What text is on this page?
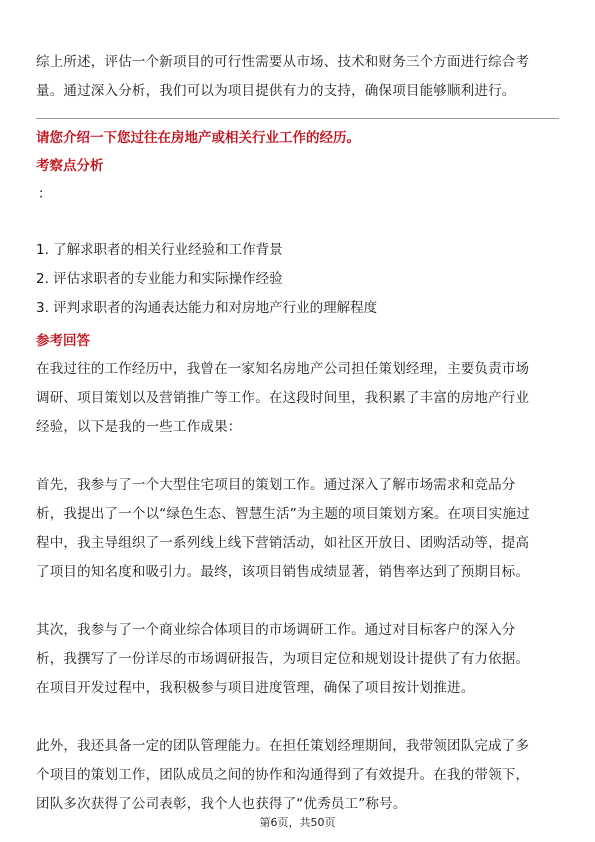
综上所述，评估一个新项目的可行性需要从市场、技术和财务三个方面进行综合考
量。通过深入分析，我们可以为项目提供有力的支持，确保项目能够顺利进行。
请您介绍一下您过往在房地产或相关行业工作的经历。
考察点分析
：
1. 了解求职者的相关行业经验和工作背景
2. 评估求职者的专业能力和实际操作经验
3. 评判求职者的沟通表达能力和对房地产行业的理解程度
参考回答
在我过往的工作经历中，我曾在一家知名房地产公司担任策划经理，主要负责市场
调研、项目策划以及营销推广等工作。在这段时间里，我积累了丰富的房地产行业
经验，以下是我的一些工作成果：
首先，我参与了一个大型住宅项目的策划工作。通过深入了解市场需求和竞品分
析，我提出了一个以“绿色生态、智慧生活”为主题的项目策划方案。在项目实施过
程中，我主导组织了一系列线上线下营销活动，如社区开放日、团购活动等，提高
了项目的知名度和吸引力。最终，该项目销售成绩显著，销售率达到了预期目标。
其次，我参与了一个商业综合体项目的市场调研工作。通过对目标客户的深入分
析，我撰写了一份详尽的市场调研报告，为项目定位和规划设计提供了有力依据。
在项目开发过程中，我积极参与项目进度管理，确保了项目按计划推进。
此外，我还具备一定的团队管理能力。在担任策划经理期间，我带领团队完成了多
个项目的策划工作，团队成员之间的协作和沟通得到了有效提升。在我的带领下，
团队多次获得了公司表彰，我个人也获得了“优秀员工”称号。
第6页，共50页
